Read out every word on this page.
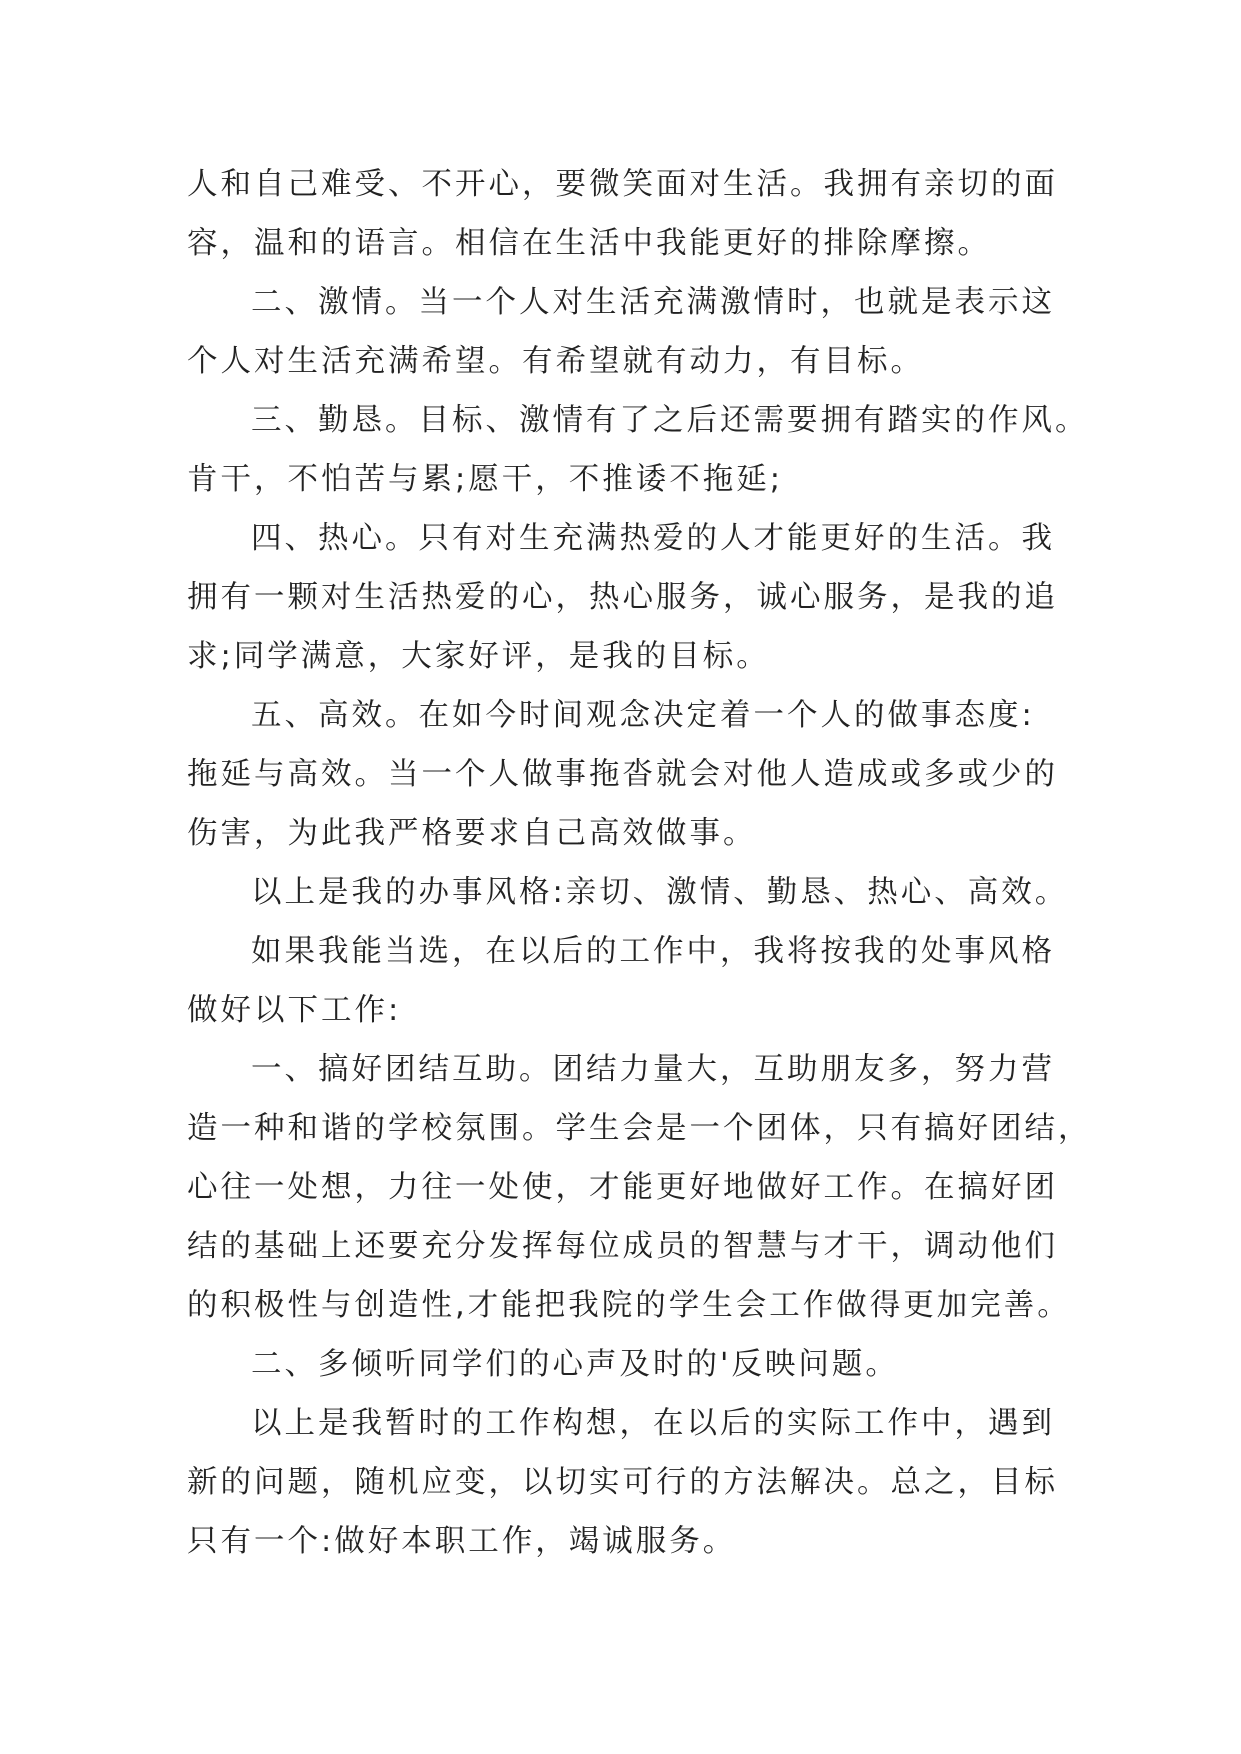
人和自己难受、不开心，要微笑面对生活。我拥有亲切的面
容，温和的语言。相信在生活中我能更好的排除摩擦。
二、激情。当一个人对生活充满激情时，也就是表示这
个人对生活充满希望。有希望就有动力，有目标。
三、勤恳。目标、激情有了之后还需要拥有踏实的作风。
肯干，不怕苦与累;愿干，不推诿不拖延;
四、热心。只有对生充满热爱的人才能更好的生活。我
拥有一颗对生活热爱的心，热心服务，诚心服务，是我的追
求;同学满意，大家好评，是我的目标。
五、高效。在如今时间观念决定着一个人的做事态度:
拖延与高效。当一个人做事拖沓就会对他人造成或多或少的
伤害，为此我严格要求自己高效做事。
以上是我的办事风格:亲切、激情、勤恳、热心、高效。
如果我能当选，在以后的工作中，我将按我的处事风格
做好以下工作:
一、搞好团结互助。团结力量大，互助朋友多，努力营
造一种和谐的学校氛围。学生会是一个团体，只有搞好团结，
心往一处想，力往一处使，才能更好地做好工作。在搞好团
结的基础上还要充分发挥每位成员的智慧与才干，调动他们
的积极性与创造性,才能把我院的学生会工作做得更加完善。
二、多倾听同学们的心声及时的'反映问题。
以上是我暂时的工作构想，在以后的实际工作中，遇到
新的问题，随机应变，以切实可行的方法解决。总之，目标
只有一个:做好本职工作，竭诚服务。
